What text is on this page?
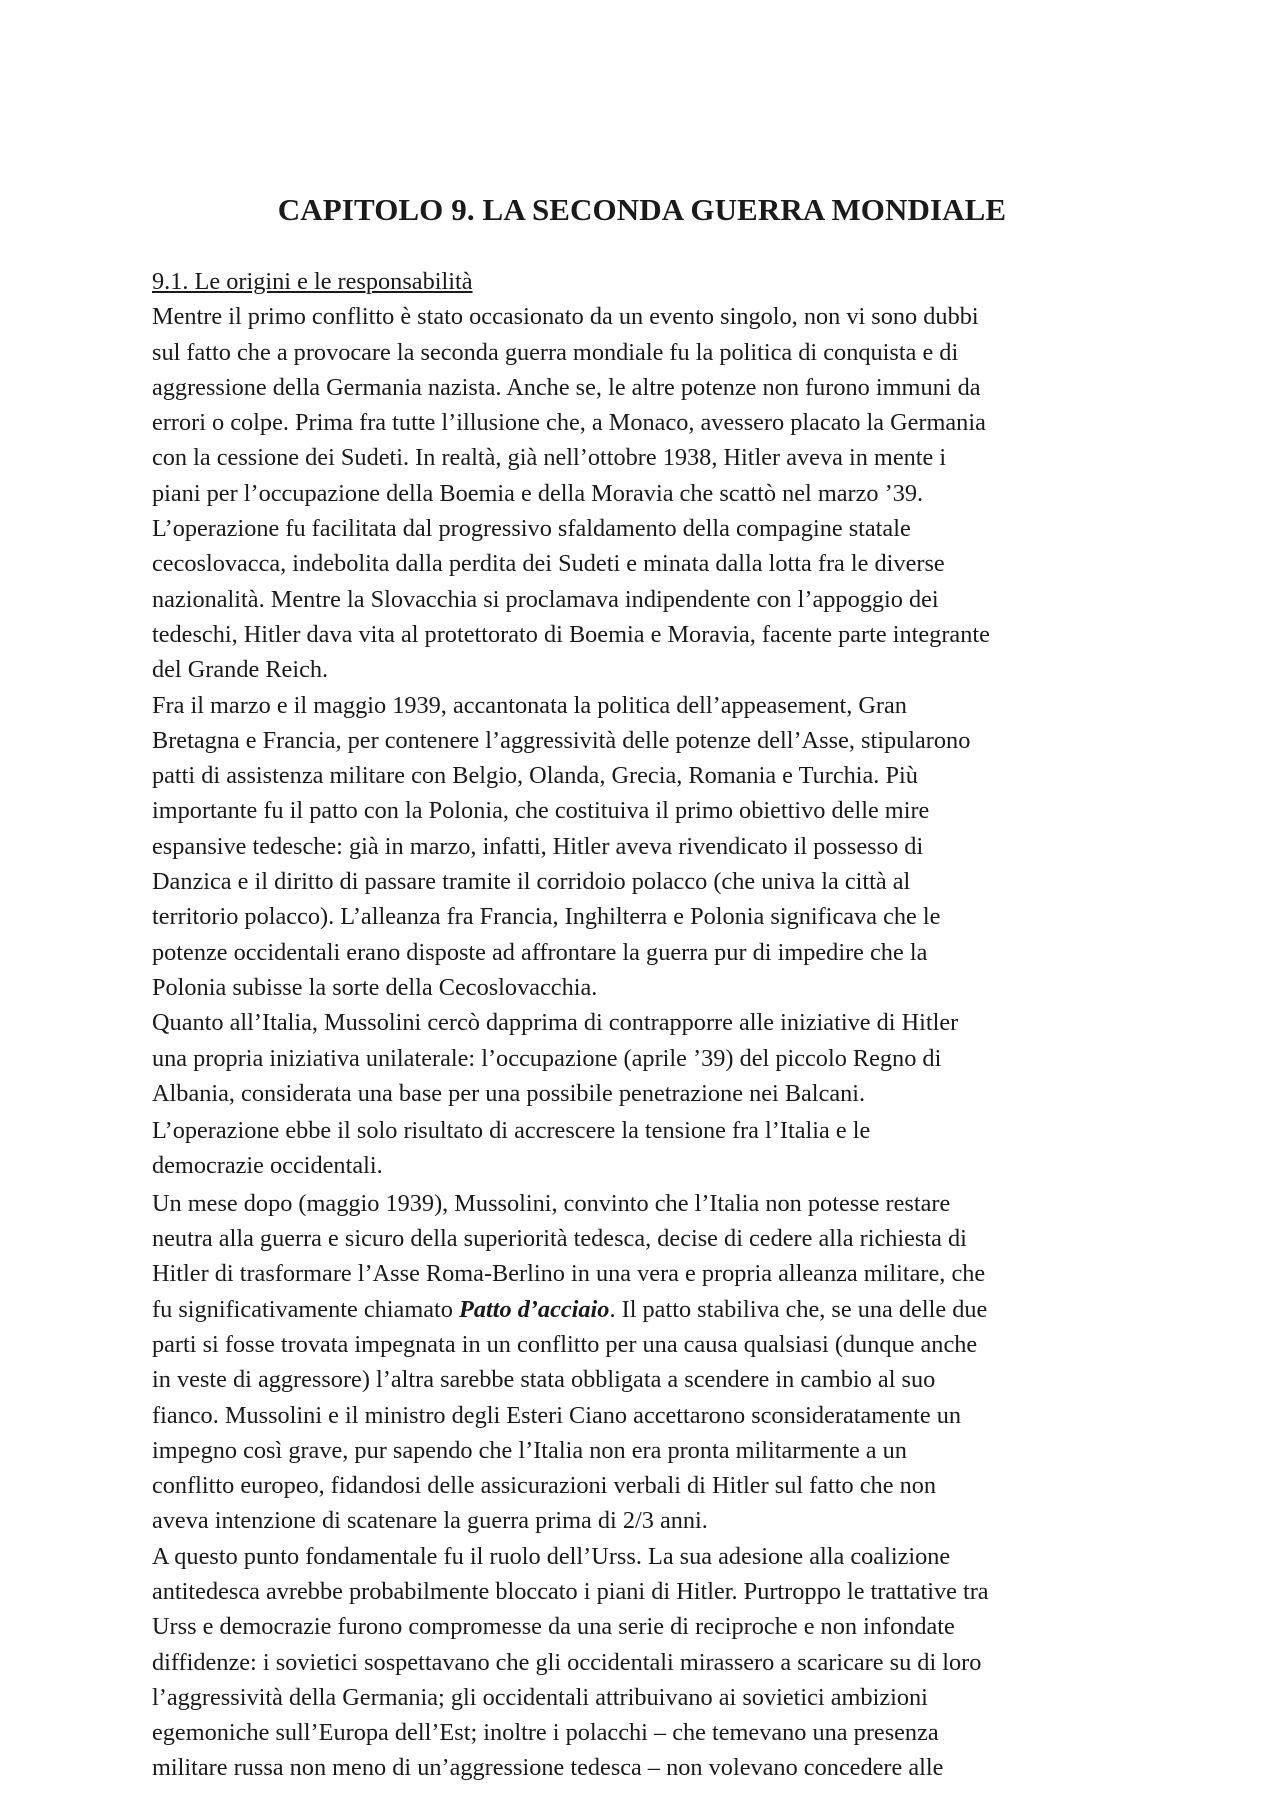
CAPITOLO 9. LA SECONDA GUERRA MONDIALE
9.1. Le origini e le responsabilità
Mentre il primo conflitto è stato occasionato da un evento singolo, non vi sono dubbi
sul fatto che a provocare la seconda guerra mondiale fu la politica di conquista e di
aggressione della Germania nazista. Anche se, le altre potenze non furono immuni da
errori o colpe. Prima fra tutte l’illusione che, a Monaco, avessero placato la Germania
con la cessione dei Sudeti. In realtà, già nell’ottobre 1938, Hitler aveva in mente i
piani per l’occupazione della Boemia e della Moravia che scattò nel marzo ’39.
L’operazione fu facilitata dal progressivo sfaldamento della compagine statale
cecoslovacca, indebolita dalla perdita dei Sudeti e minata dalla lotta fra le diverse
nazionalità. Mentre la Slovacchia si proclamava indipendente con l’appoggio dei
tedeschi, Hitler dava vita al protettorato di Boemia e Moravia, facente parte integrante
del Grande Reich.
Fra il marzo e il maggio 1939, accantonata la politica dell’appeasement, Gran
Bretagna e Francia, per contenere l’aggressività delle potenze dell’Asse, stipularono
patti di assistenza militare con Belgio, Olanda, Grecia, Romania e Turchia. Più
importante fu il patto con la Polonia, che costituiva il primo obiettivo delle mire
espansive tedesche: già in marzo, infatti, Hitler aveva rivendicato il possesso di
Danzica e il diritto di passare tramite il corridoio polacco (che univa la città al
territorio polacco). L’alleanza fra Francia, Inghilterra e Polonia significava che le
potenze occidentali erano disposte ad affrontare la guerra pur di impedire che la
Polonia subisse la sorte della Cecoslovacchia.
Quanto all’Italia, Mussolini cercò dapprima di contrapporre alle iniziative di Hitler
una propria iniziativa unilaterale: l’occupazione (aprile ’39) del piccolo Regno di
Albania, considerata una base per una possibile penetrazione nei Balcani.
L’operazione ebbe il solo risultato di accrescere la tensione fra l’Italia e le
democrazie occidentali.
Un mese dopo (maggio 1939), Mussolini, convinto che l’Italia non potesse restare
neutra alla guerra e sicuro della superiorità tedesca, decise di cedere alla richiesta di
Hitler di trasformare l’Asse Roma-Berlino in una vera e propria alleanza militare, che
fu significativamente chiamato Patto d’acciaio. Il patto stabiliva che, se una delle due
parti si fosse trovata impegnata in un conflitto per una causa qualsiasi (dunque anche
in veste di aggressore) l’altra sarebbe stata obbligata a scendere in cambio al suo
fianco. Mussolini e il ministro degli Esteri Ciano accettarono sconsideratamente un
impegno così grave, pur sapendo che l’Italia non era pronta militarmente a un
conflitto europeo, fidandosi delle assicurazioni verbali di Hitler sul fatto che non
aveva intenzione di scatenare la guerra prima di 2/3 anni.
A questo punto fondamentale fu il ruolo dell’Urss. La sua adesione alla coalizione
antitedesca avrebbe probabilmente bloccato i piani di Hitler. Purtroppo le trattative tra
Urss e democrazie furono compromesse da una serie di reciproche e non infondate
diffidenze: i sovietici sospettavano che gli occidentali mirassero a scaricare su di loro
l’aggressività della Germania; gli occidentali attribuivano ai sovietici ambizioni
egemoniche sull’Europa dell’Est; inoltre i polacchi – che temevano una presenza
militare russa non meno di un’aggressione tedesca – non volevano concedere alle
